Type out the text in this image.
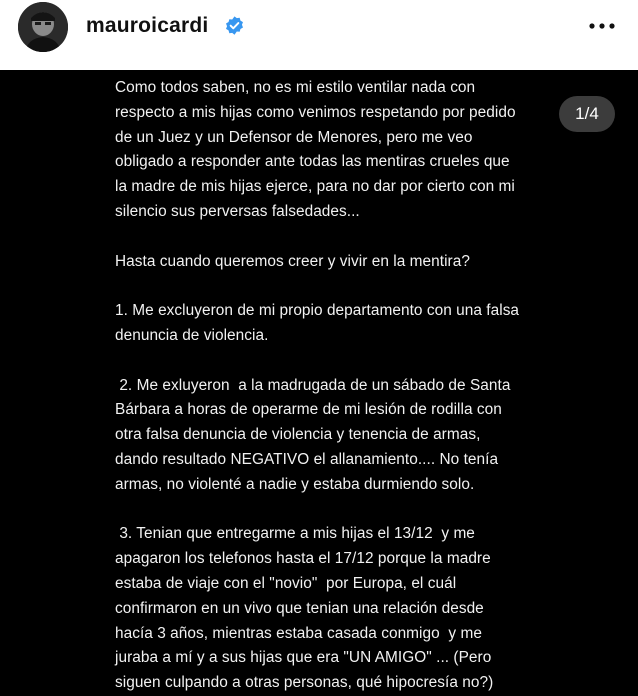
mauroicardi

Como todos saben, no es mi estilo ventilar nada con

respecto a mis hijas como venimos respetando por pedido

de un Juez y un Defensor de Menores, pero me veo

obligado a responder ante todas las mentiras crueles que

la madre de mis hijas ejerce, para no dar por cierto con mi

silencio sus perversas falsedades...

Hasta cuando queremos creer y vivir en la mentira?

1. Me excluyeron de mi propio departamento con una falsa

denuncia de violencia.

2. Me exluyeron  a la madrugada de un sábado de Santa

Bárbara a horas de operarme de mi lesión de rodilla con

otra falsa denuncia de violencia y tenencia de armas,

dando resultado NEGATIVO el allanamiento.... No tenía

armas, no violenté a nadie y estaba durmiendo solo.

3. Tenian que entregarme a mis hijas el 13/12  y me

apagaron los telefonos hasta el 17/12 porque la madre

estaba de viaje con el "novio"  por Europa, el cuál

confirmaron en un vivo que tenian una relación desde

hacía 3 años, mientras estaba casada conmigo  y me

juraba a mí y a sus hijas que era "UN AMIGO" ... (Pero

siguen culpando a otras personas, qué hipocresía no?)

1/4
